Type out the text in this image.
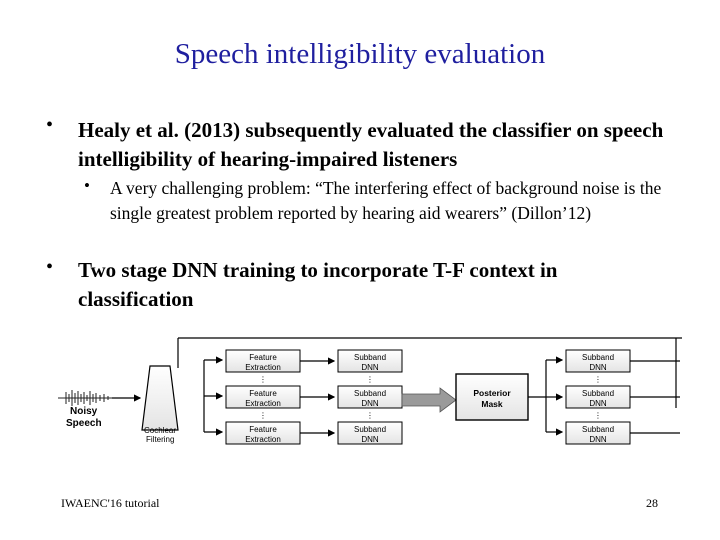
Speech intelligibility evaluation
• Healy et al. (2013) subsequently evaluated the classifier on speech intelligibility of hearing-impaired listeners
• A very challenging problem: “The interfering effect of background noise is the single greatest problem reported by hearing aid wearers” (Dillon’12)
• Two stage DNN training to incorporate T-F context in classification
Noisy
Speech
Cochlear
Filtering
Feature
Extraction
⋮
Feature
Extraction
⋮
Feature
Extraction
Subband
DNN
⋮
Subband
DNN
⋮
Subband
DNN
Posterior
Mask
Subband
DNN
⋮
Subband
DNN
⋮
Subband
DNN
IWAENC'16 tutorial	28
